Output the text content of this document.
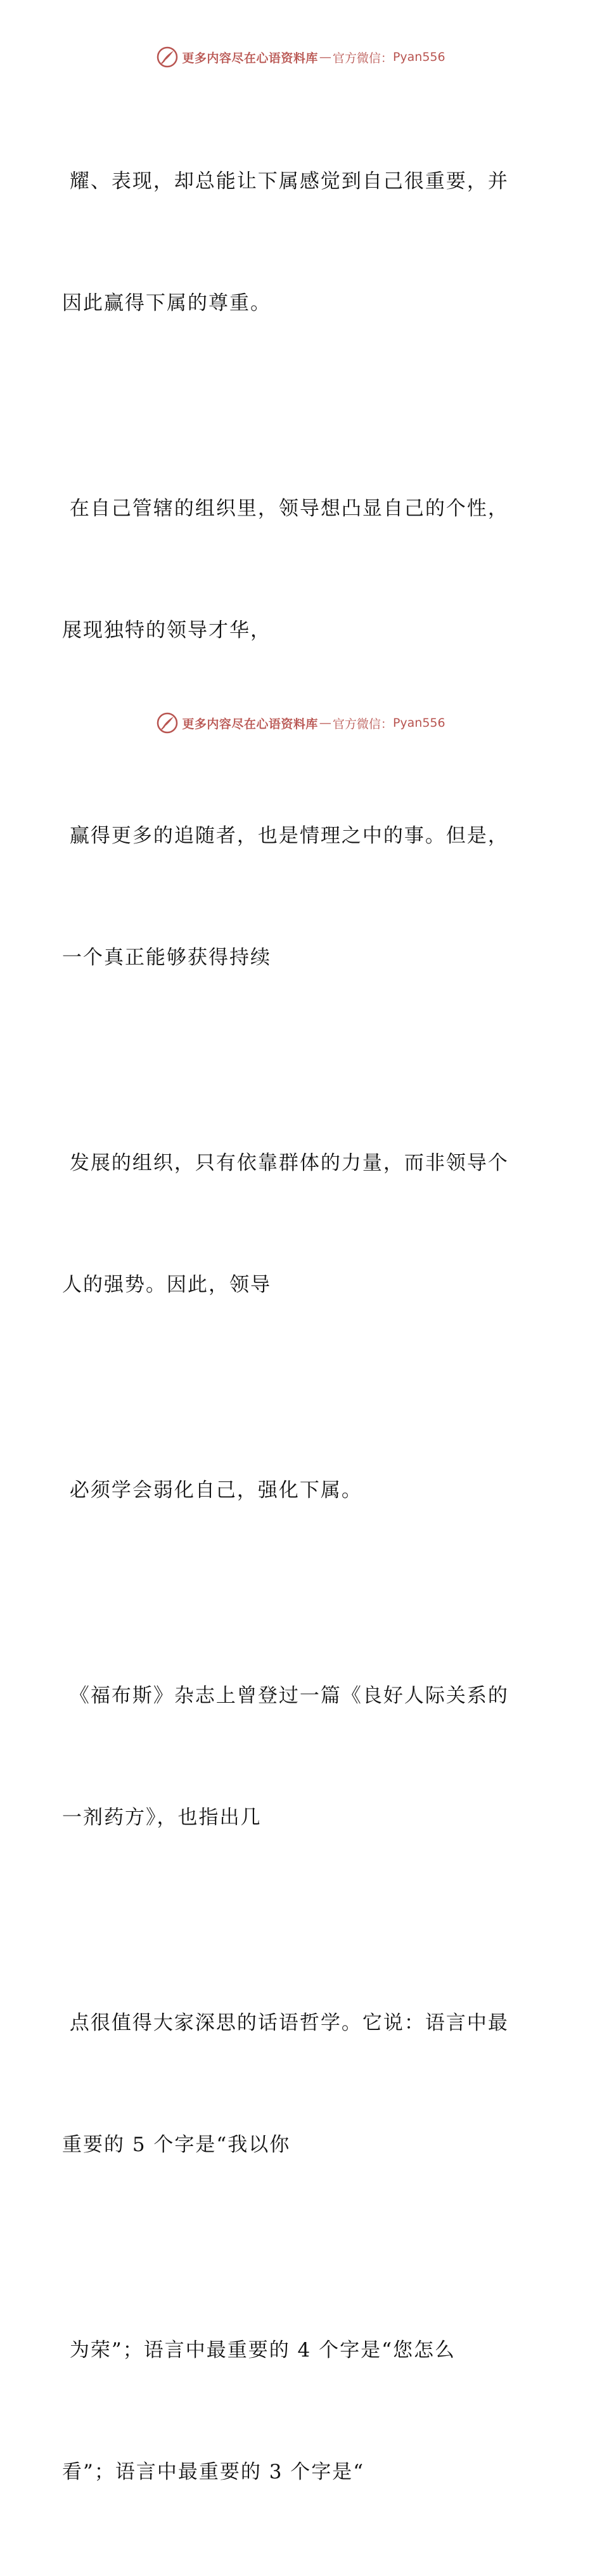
更多内容尽在心语资料库 — 官方微信： Pyan556

耀、表现，却总能让下属感觉到自己很重要，并

因此赢得下属的尊重。

在自己管辖的组织里，领导想凸显自己的个性，

展现独特的领导才华，

赢得更多的追随者，也是情理之中的事。但是，

一个真正能够获得持续

发展的组织，只有依靠群体的力量，而非领导个

人的强势。因此，领导

必须学会弱化自己，强化下属。

《福布斯》杂志上曾登过一篇《良好人际关系的

一剂药方》，也指出几

点很值得大家深思的话语哲学。它说：语言中最

重要的 5 个字是“我以你

为荣”；语言中最重要的 4 个字是“您怎么

看”；语言中最重要的 3 个字是“

更多内容尽在心语资料库 — 官方微信： Pyan556
